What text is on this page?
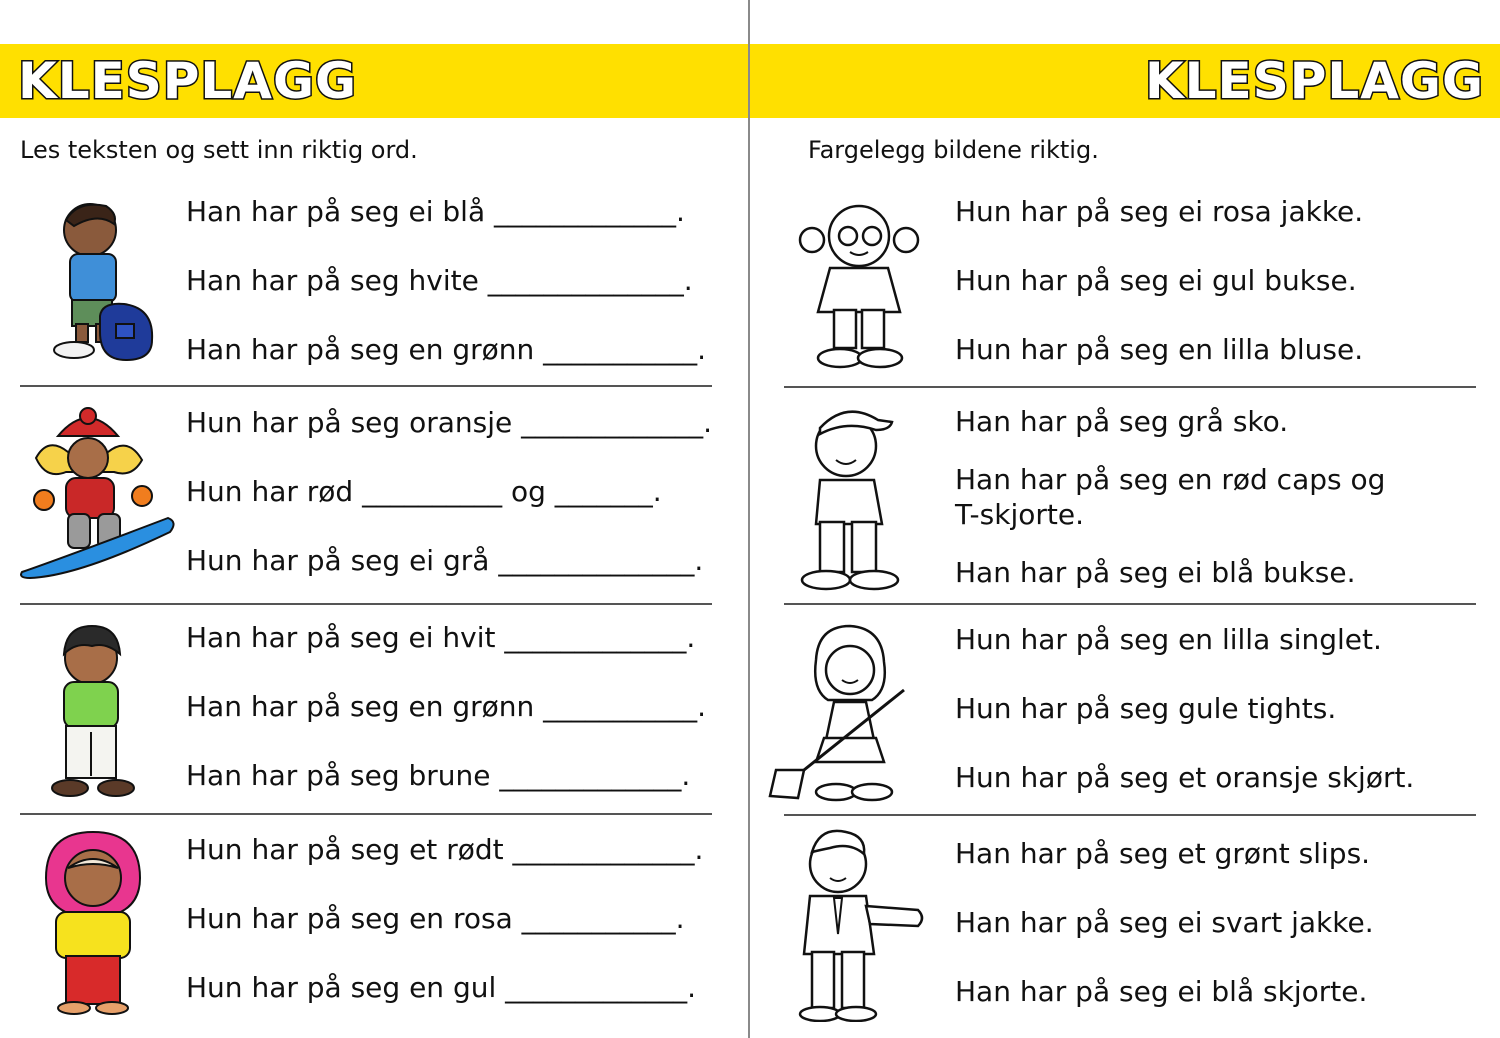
KLESPLAGG	KLESPLAGG
Les teksten og sett inn riktig ord.
Han har på seg ei blå _____________.
Han har på seg hvite ______________.
Han har på seg en grønn ___________.
Hun har på seg oransje _____________.
Hun har rød __________ og _______.
Hun har på seg ei grå ______________.
Han har på seg ei hvit _____________.
Han har på seg en grønn ___________.
Han har på seg brune _____________.
Hun har på seg et rødt _____________.
Hun har på seg en rosa ___________.
Hun har på seg en gul _____________.
Fargelegg bildene riktig.
Hun har på seg ei rosa jakke.
Hun har på seg ei gul bukse.
Hun har på seg en lilla bluse.
Han har på seg grå sko.
Han har på seg en rød caps og
T-skjorte.
Han har på seg ei blå bukse.
Hun har på seg en lilla singlet.
Hun har på seg gule tights.
Hun har på seg et oransje skjørt.
Han har på seg et grønt slips.
Han har på seg ei svart jakke.
Han har på seg ei blå skjorte.
